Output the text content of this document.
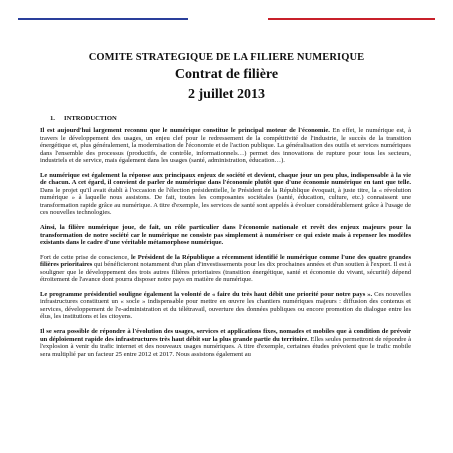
COMITE STRATEGIQUE DE LA FILIERE NUMERIQUE
Contrat de filière
2 juillet 2013
1. INTRODUCTION

Il est aujourd'hui largement reconnu que le numérique constitue le principal moteur de l'économie. En effet, le numérique est, à travers le développement des usages, un enjeu clef pour le redressement de la compétitivité de l'industrie, le succès de la transition énergétique et, plus généralement, la modernisation de l'économie et de l'action publique. La généralisation des outils et services numériques dans l'ensemble des processus (productifs, de contrôle, informationnels…) permet des innovations de rupture pour tous les secteurs, industriels et de service, mais également dans les usages (santé, administration, éducation…).

Le numérique est également la réponse aux principaux enjeux de société et devient, chaque jour un peu plus, indispensable à la vie de chacun. A cet égard, il convient de parler de numérique dans l'économie plutôt que d'une économie numérique en tant que telle. Dans le projet qu'il avait établi à l'occasion de l'élection présidentielle, le Président de la République évoquait, à juste titre, la « révolution numérique » à laquelle nous assistons. De fait, toutes les composantes sociétales (santé, éducation, culture, etc.) connaissent une transformation rapide grâce au numérique. A titre d'exemple, les services de santé sont appelés à évoluer considérablement grâce à l'usage de ces nouvelles technologies.

Ainsi, la filière numérique joue, de fait, un rôle particulier dans l'économie nationale et revêt des enjeux majeurs pour la transformation de notre société car le numérique ne consiste pas simplement à numériser ce qui existe mais à repenser les modèles existants dans le cadre d'une véritable métamorphose numérique.

Fort de cette prise de conscience, le Président de la République a récemment identifié le numérique comme l'une des quatre grandes filières prioritaires qui bénéficieront notamment d'un plan d'investissements pour les dix prochaines années et d'un soutien à l'export. Il est à souligner que le développement des trois autres filières prioritaires (transition énergétique, santé et économie du vivant, sécurité) dépend étroitement de l'avance dont pourra disposer notre pays en matière de numérique.

Le programme présidentiel souligne également la volonté de « faire du très haut débit une priorité pour notre pays ». Ces nouvelles infrastructures constituent un « socle » indispensable pour mettre en œuvre les chantiers numériques majeurs : diffusion des contenus et services, développement de l'e-administration et du télétravail, ouverture des données publiques ou encore promotion du dialogue entre les élus, les institutions et les citoyens.

Il se sera possible de répondre à l'évolution des usages, services et applications fixes, nomades et mobiles que à condition de prévoir un déploiement rapide des infrastructures très haut débit sur la plus grande partie du territoire. Elles seules permettront de répondre à l'explosion à venir du trafic internet et des nouveaux usages numériques. A titre d'exemple, certaines études prévoient que le trafic mobile sera multiplié par un facteur 25 entre 2012 et 2017. Nous assistons également au
